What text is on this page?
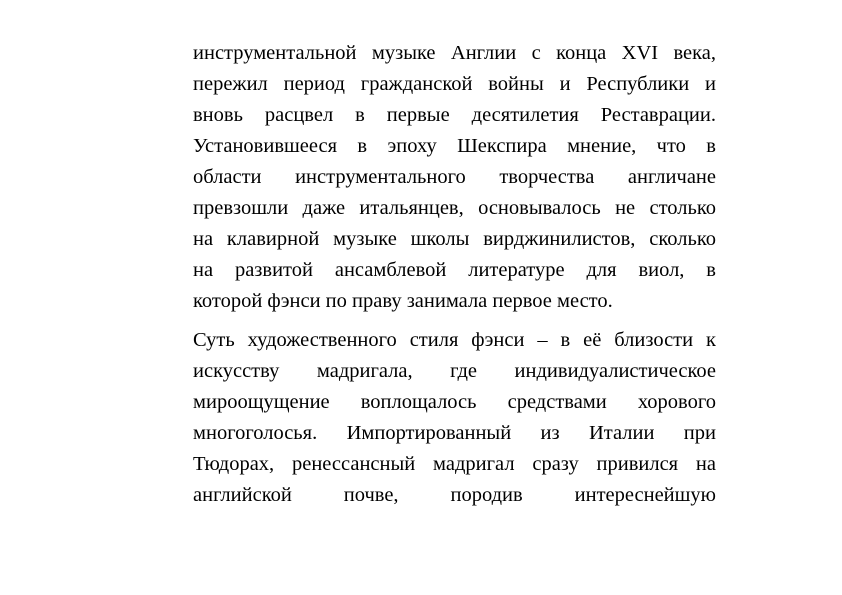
инструментальной музыке Англии с конца XVI века,
пережил период гражданской войны и Республики и
вновь расцвел в первые десятилетия Реставрации.
Установившееся в эпоху Шекспира мнение, что в
области инструментального творчества англичане
превзошли даже итальянцев, основывалось не столько
на клавирной музыке школы вирджинилистов, сколько
на развитой ансамблевой литературе для виол, в
которой фэнси по праву занимала первое место.

Суть художественного стиля фэнси – в её близости к
искусству мадригала, где индивидуалистическое
мироощущение воплощалось средствами хорового
многоголосья. Импортированный из Италии при
Тюдорах, ренессансный мадригал сразу привился на
английской почве, породив интереснейшую
